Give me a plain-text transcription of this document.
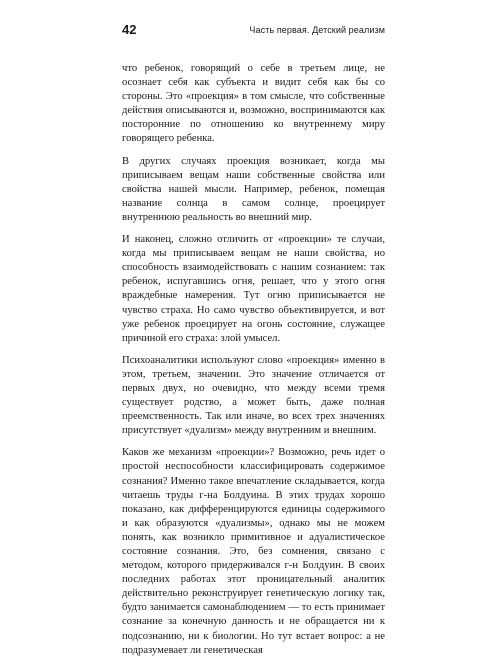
42	Часть первая. Детский реализм

что ребенок, говорящий о себе в третьем лице, не осознает себя как субъекта и видит себя как бы со стороны. Это «проекция» в том смысле, что собственные действия описываются и, возможно, воспринимаются как посторонние по отношению ко внутреннему миру говорящего ребенка.

В других случаях проекция возникает, когда мы приписываем вещам наши собственные свойства или свойства нашей мысли. Например, ребенок, помещая название солнца в самом солнце, проецирует внутреннюю реальность во внешний мир.

И наконец, сложно отличить от «проекции» те случаи, когда мы приписываем вещам не наши свойства, но способность взаимодействовать с нашим сознанием: так ребенок, испугавшись огня, решает, что у этого огня враждебные намерения. Тут огню приписывается не чувство страха. Но само чувство объективируется, и вот уже ребенок проецирует на огонь состояние, служащее причиной его страха: злой умысел.

Психоаналитики используют слово «проекция» именно в этом, третьем, значении. Это значение отличается от первых двух, но очевидно, что между всеми тремя существует родство, а может быть, даже полная преемственность. Так или иначе, во всех трех значениях присутствует «дуализм» между внутренним и внешним.

Каков же механизм «проекции»? Возможно, речь идет о простой неспособности классифицировать содержимое сознания? Именно такое впечатление складывается, когда читаешь труды г-на Болдуина. В этих трудах хорошо показано, как дифференцируются единицы содержимого и как образуются «дуализмы», однако мы не можем понять, как возникло примитивное и адуалистическое состояние сознания. Это, без сомнения, связано с методом, которого придерживался г-н Болдуин. В своих последних работах этот проницательный аналитик действительно реконструирует генетическую логику так, будто занимается самонаблюдением — то есть принимает сознание за конечную данность и не обращается ни к подсознанию, ни к биологии. Но тут встает вопрос: а не подразумевает ли генетическая
